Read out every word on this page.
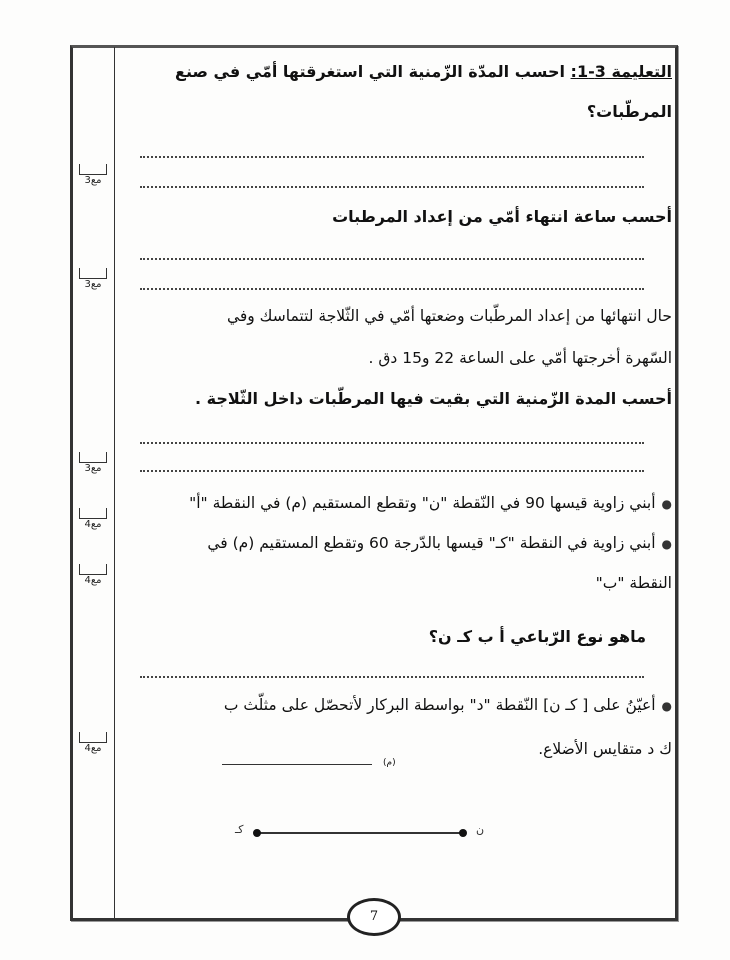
التعليمة 3-1: احسب المدّة الزّمنية التي استغرقتها أمّي في صنع
المرطّبات؟
أحسب ساعة انتهاء أمّي من إعداد المرطبات
حال انتهائها من إعداد المرطّبات وضعتها أمّي في الثّلاجة لتتماسك وفي
السّهرة أخرجتها أمّي على الساعة 22 و15 دق .
أحسب المدة الزّمنية التي بقيت فيها المرطّبات داخل الثّلاجة .
●أبني زاوية قيسها 90 في النّقطة "ن" وتقطع المستقيم (م) في النقطة "أ"
●أبني زاوية في النقطة "كـ" قيسها بالدّرجة 60 وتقطع المستقيم (م) في
النقطة "ب"
ماهو نوع الرّباعي أ ب كـ ن؟
●أعيّنُ على [ كـ ن] النّقطة "د" بواسطة البركار لأتحصّل على مثلّث ب
ك د متقايس الأضلاع.
(م)
كـ	ن
مع3
مع3
مع3
مع4
مع4
مع4
7
